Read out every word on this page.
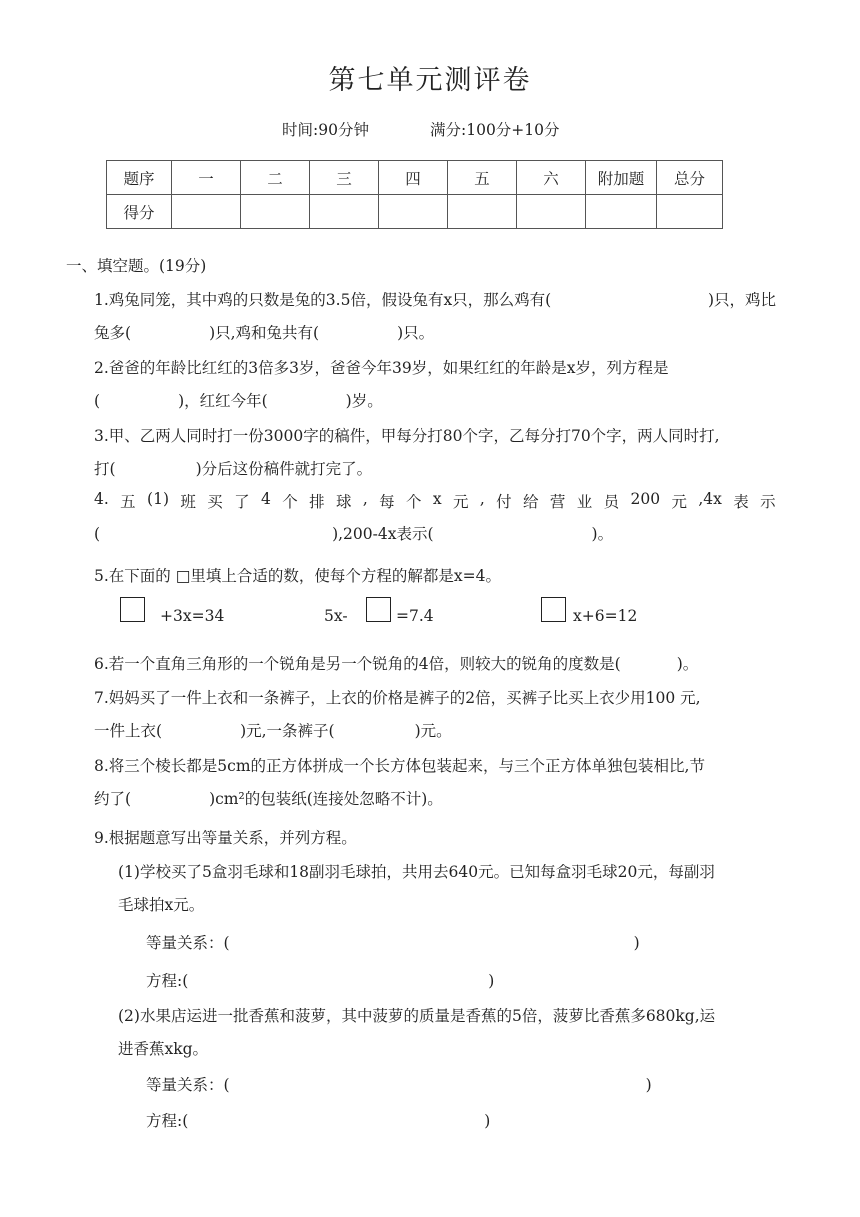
第七单元测评卷
时间:90分钟	满分:100分+10分
题序	一	二	三	四	五	六	附加题	总分
得分								
一、填空题。(19分)
1.鸡兔同笼，其中鸡的只数是兔的3.5倍，假设兔有x只，那么鸡有(	)只，鸡比
兔多(	)只,鸡和兔共有(	)只。
2.爸爸的年龄比红红的3倍多3岁，爸爸今年39岁，如果红红的年龄是x岁，列方程是
(	)，红红今年(	)岁。
3.甲、乙两人同时打一份3000字的稿件，甲每分打80个字，乙每分打70个字，两人同时打,
打(	)分后这份稿件就打完了。
4. 五 (1) 班 买 了 4 个 排 球 , 每 个 x 元 , 付 给 营 业 员 200 元 ,4x 表 示
(	),200-4x表示(	)。
5.在下面的 □里填上合适的数，使每个方程的解都是x=4。
+3x=34	5x-	=7.4	x+6=12
6.若一个直角三角形的一个锐角是另一个锐角的4倍，则较大的锐角的度数是(	)。
7.妈妈买了一件上衣和一条裤子，上衣的价格是裤子的2倍，买裤子比买上衣少用100 元,
一件上衣(	)元,一条裤子(	)元。
8.将三个棱长都是5cm的正方体拼成一个长方体包装起来，与三个正方体单独包装相比,节
约了(	)cm²的包装纸(连接处忽略不计)。
9.根据题意写出等量关系，并列方程。
(1)学校买了5盒羽毛球和18副羽毛球拍，共用去640元。已知每盒羽毛球20元，每副羽
毛球拍x元。
等量关系：(	)
方程:(	)
(2)水果店运进一批香蕉和菠萝，其中菠萝的质量是香蕉的5倍，菠萝比香蕉多680kg,运
进香蕉xkg。
等量关系：(	)
方程:(	)
